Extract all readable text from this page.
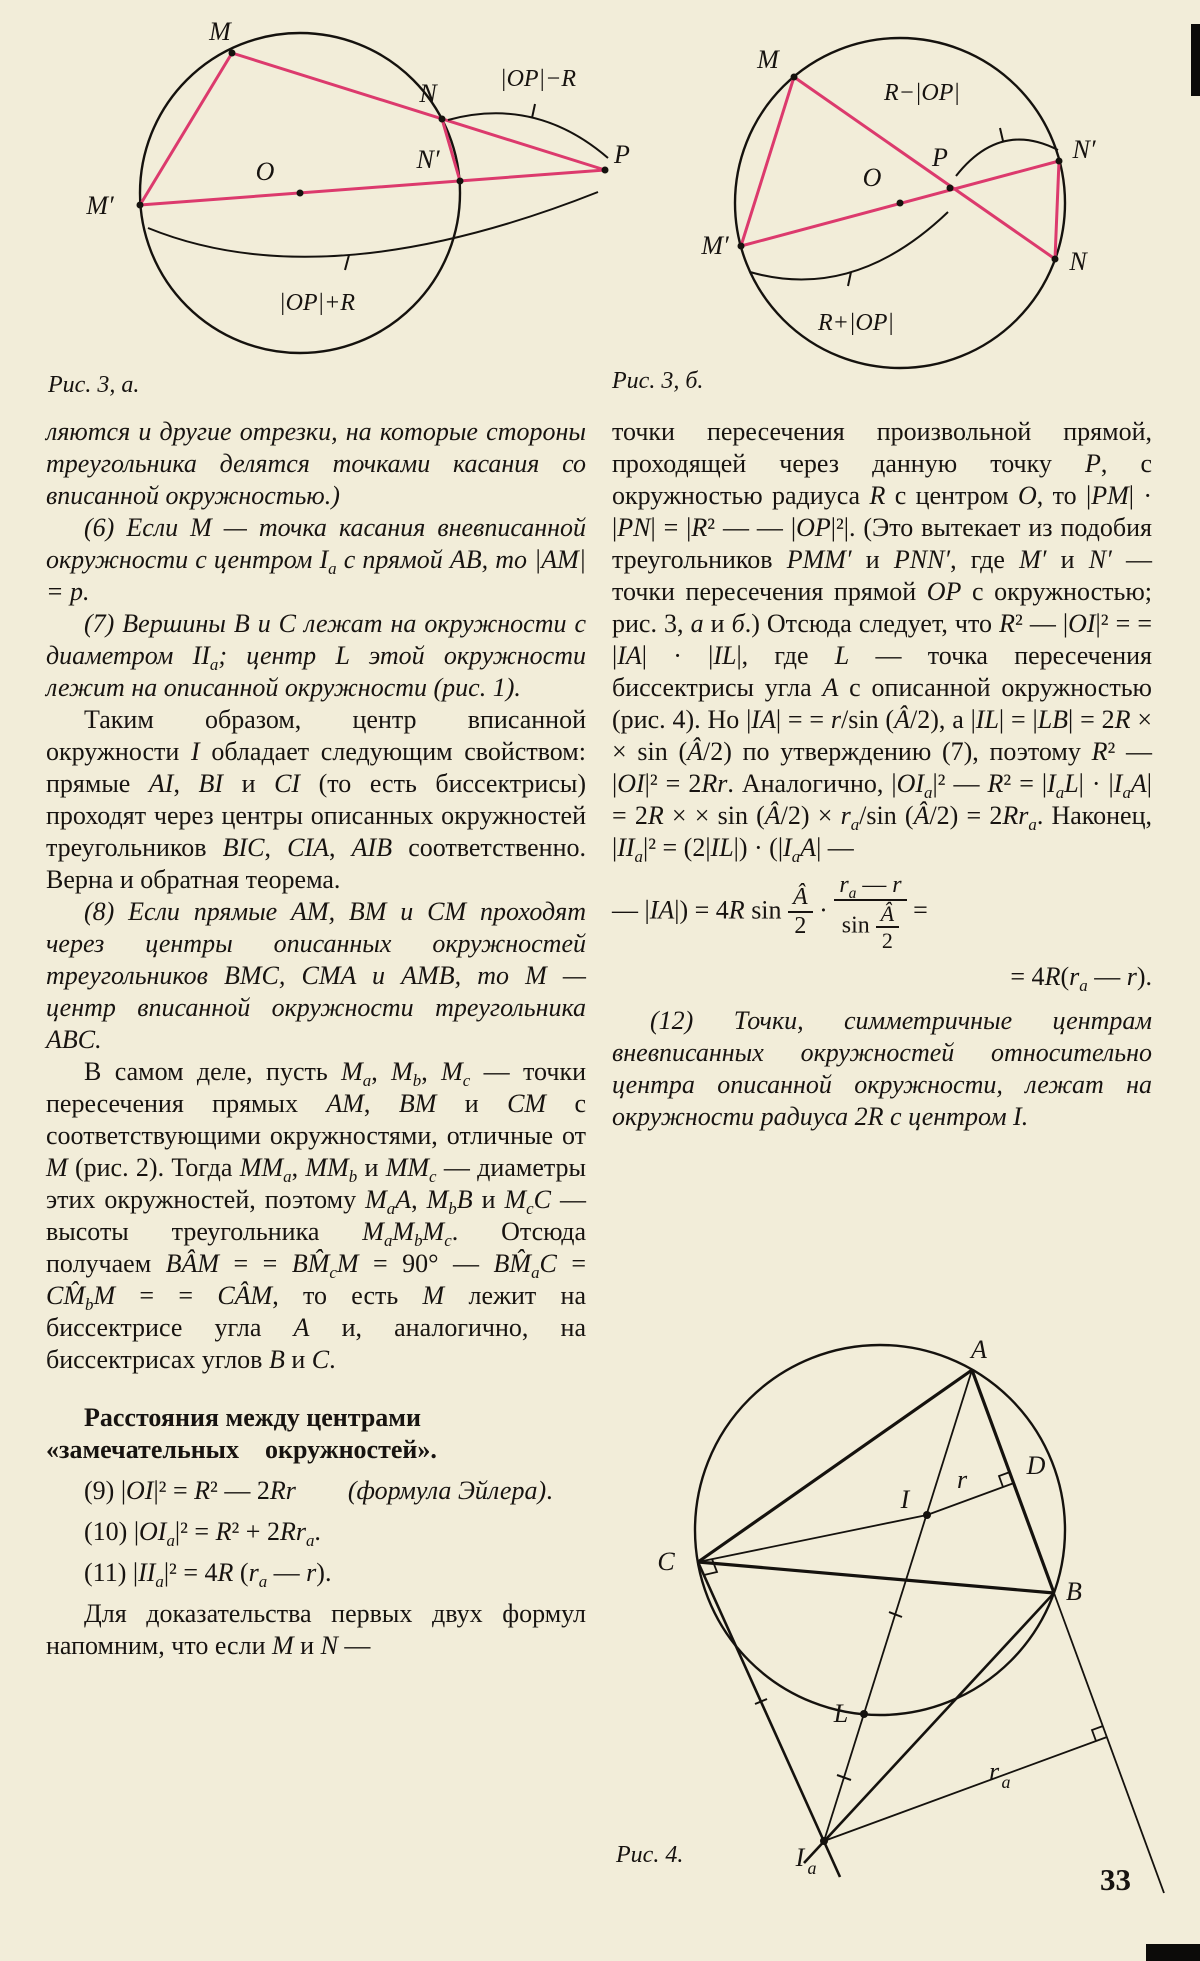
M
N
N′
M′
O
P
|OP|−R
|OP|+R
M
N′
M′
N
O
P
R−|OP|
R+|OP|
Рис. 3, а.	Рис. 3, б.

ляются и другие отрезки, на которые стороны треугольника делятся точками касания со вписанной окружностью.)

(6) Если M — точка касания вневписанной окружности с центром $I_a$ с прямой AB, то |AM| = p.

(7) Вершины B и C лежат на окружности с диаметром $II_a$; центр L этой окружности лежит на описанной окружности (рис. 1).

Таким образом, центр вписанной окружности I обладает следующим свойством: прямые AI, BI и CI (то есть биссектрисы) проходят через центры описанных окружностей треугольников BIC, CIA, AIB соответственно. Верна и обратная теорема.

(8) Если прямые AM, BM и CM проходят через центры описанных окружностей треугольников BMC, CMA и AMB, то M — центр вписанной окружности треугольника ABC.

В самом деле, пусть $M_a$, $M_b$, $M_c$ — точки пересечения прямых AM, BM и CM с соответствующими окружностями, отличные от M (рис. 2). Тогда $MM_a$, $MM_b$ и $MM_c$ — диаметры этих окружностей, поэтому $M_aA$, $M_bB$ и $M_cC$ — высоты треугольника $M_aM_bM_c$. Отсюда получаем BÂM = = $BM̂_cM = 90^\circ$ — $BM̂_aC$ = $CM̂_bM$ = = CÂM, то есть M лежит на биссектрисе угла A и, аналогично, на биссектрисах углов B и C.

Расстояния между центрами
«замечательных окружностей».

(9) |OI|² = R² — 2Rr   (формула Эйлера).

(10) $|OI_a|^2 = R^2 + 2Rr_a$.

(11) $|II_a|^2 = 4R$ ($r_a$ — r).

Для доказательства первых двух формул напомним, что если M и N —

точки пересечения произвольной прямой, проходящей через данную точку P, с окружностью радиуса R с центром O, то |PM| · |PN| = |R² — — |OP|²|. (Это вытекает из подобия треугольников PMM′ и PNN′, где M′ и N′ — точки пересечения прямой OP с окружностью; рис. 3, а и б.) Отсюда следует, что R² — |OI|² = = |IA| · |IL|, где L — точка пересечения биссектрисы угла A с описанной окружностью (рис. 4). Но |IA| = = r/sin (Â/2), а |IL| = |LB| = 2R × × sin (Â/2) по утверждению (7), поэтому R² — |OI|² = 2Rr. Аналогично, $|OI_a|^2$ — $R^2 = |I_aL| \cdot |I_aA| = 2R$ × × sin (Â/2) × $r_a/\sin$ (Â/2) = $2Rr_a$. Наконец, $|II_a|^2 = (2|IL|) \cdot (|I_aA|$ —

— |IA|) = 4R $\sin \frac{Â}{2} \cdot \frac{r_a — r}{\sin \frac{Â}{2}}$ =

= $4R(r_a$ — r).

(12) Точки, симметричные центрам вневписанных окружностей относительно центра описанной окружности, лежат на окружности радиуса 2R с центром I.

A
B
C
I
D
L
r
I a
r a
Рис. 4.
33
